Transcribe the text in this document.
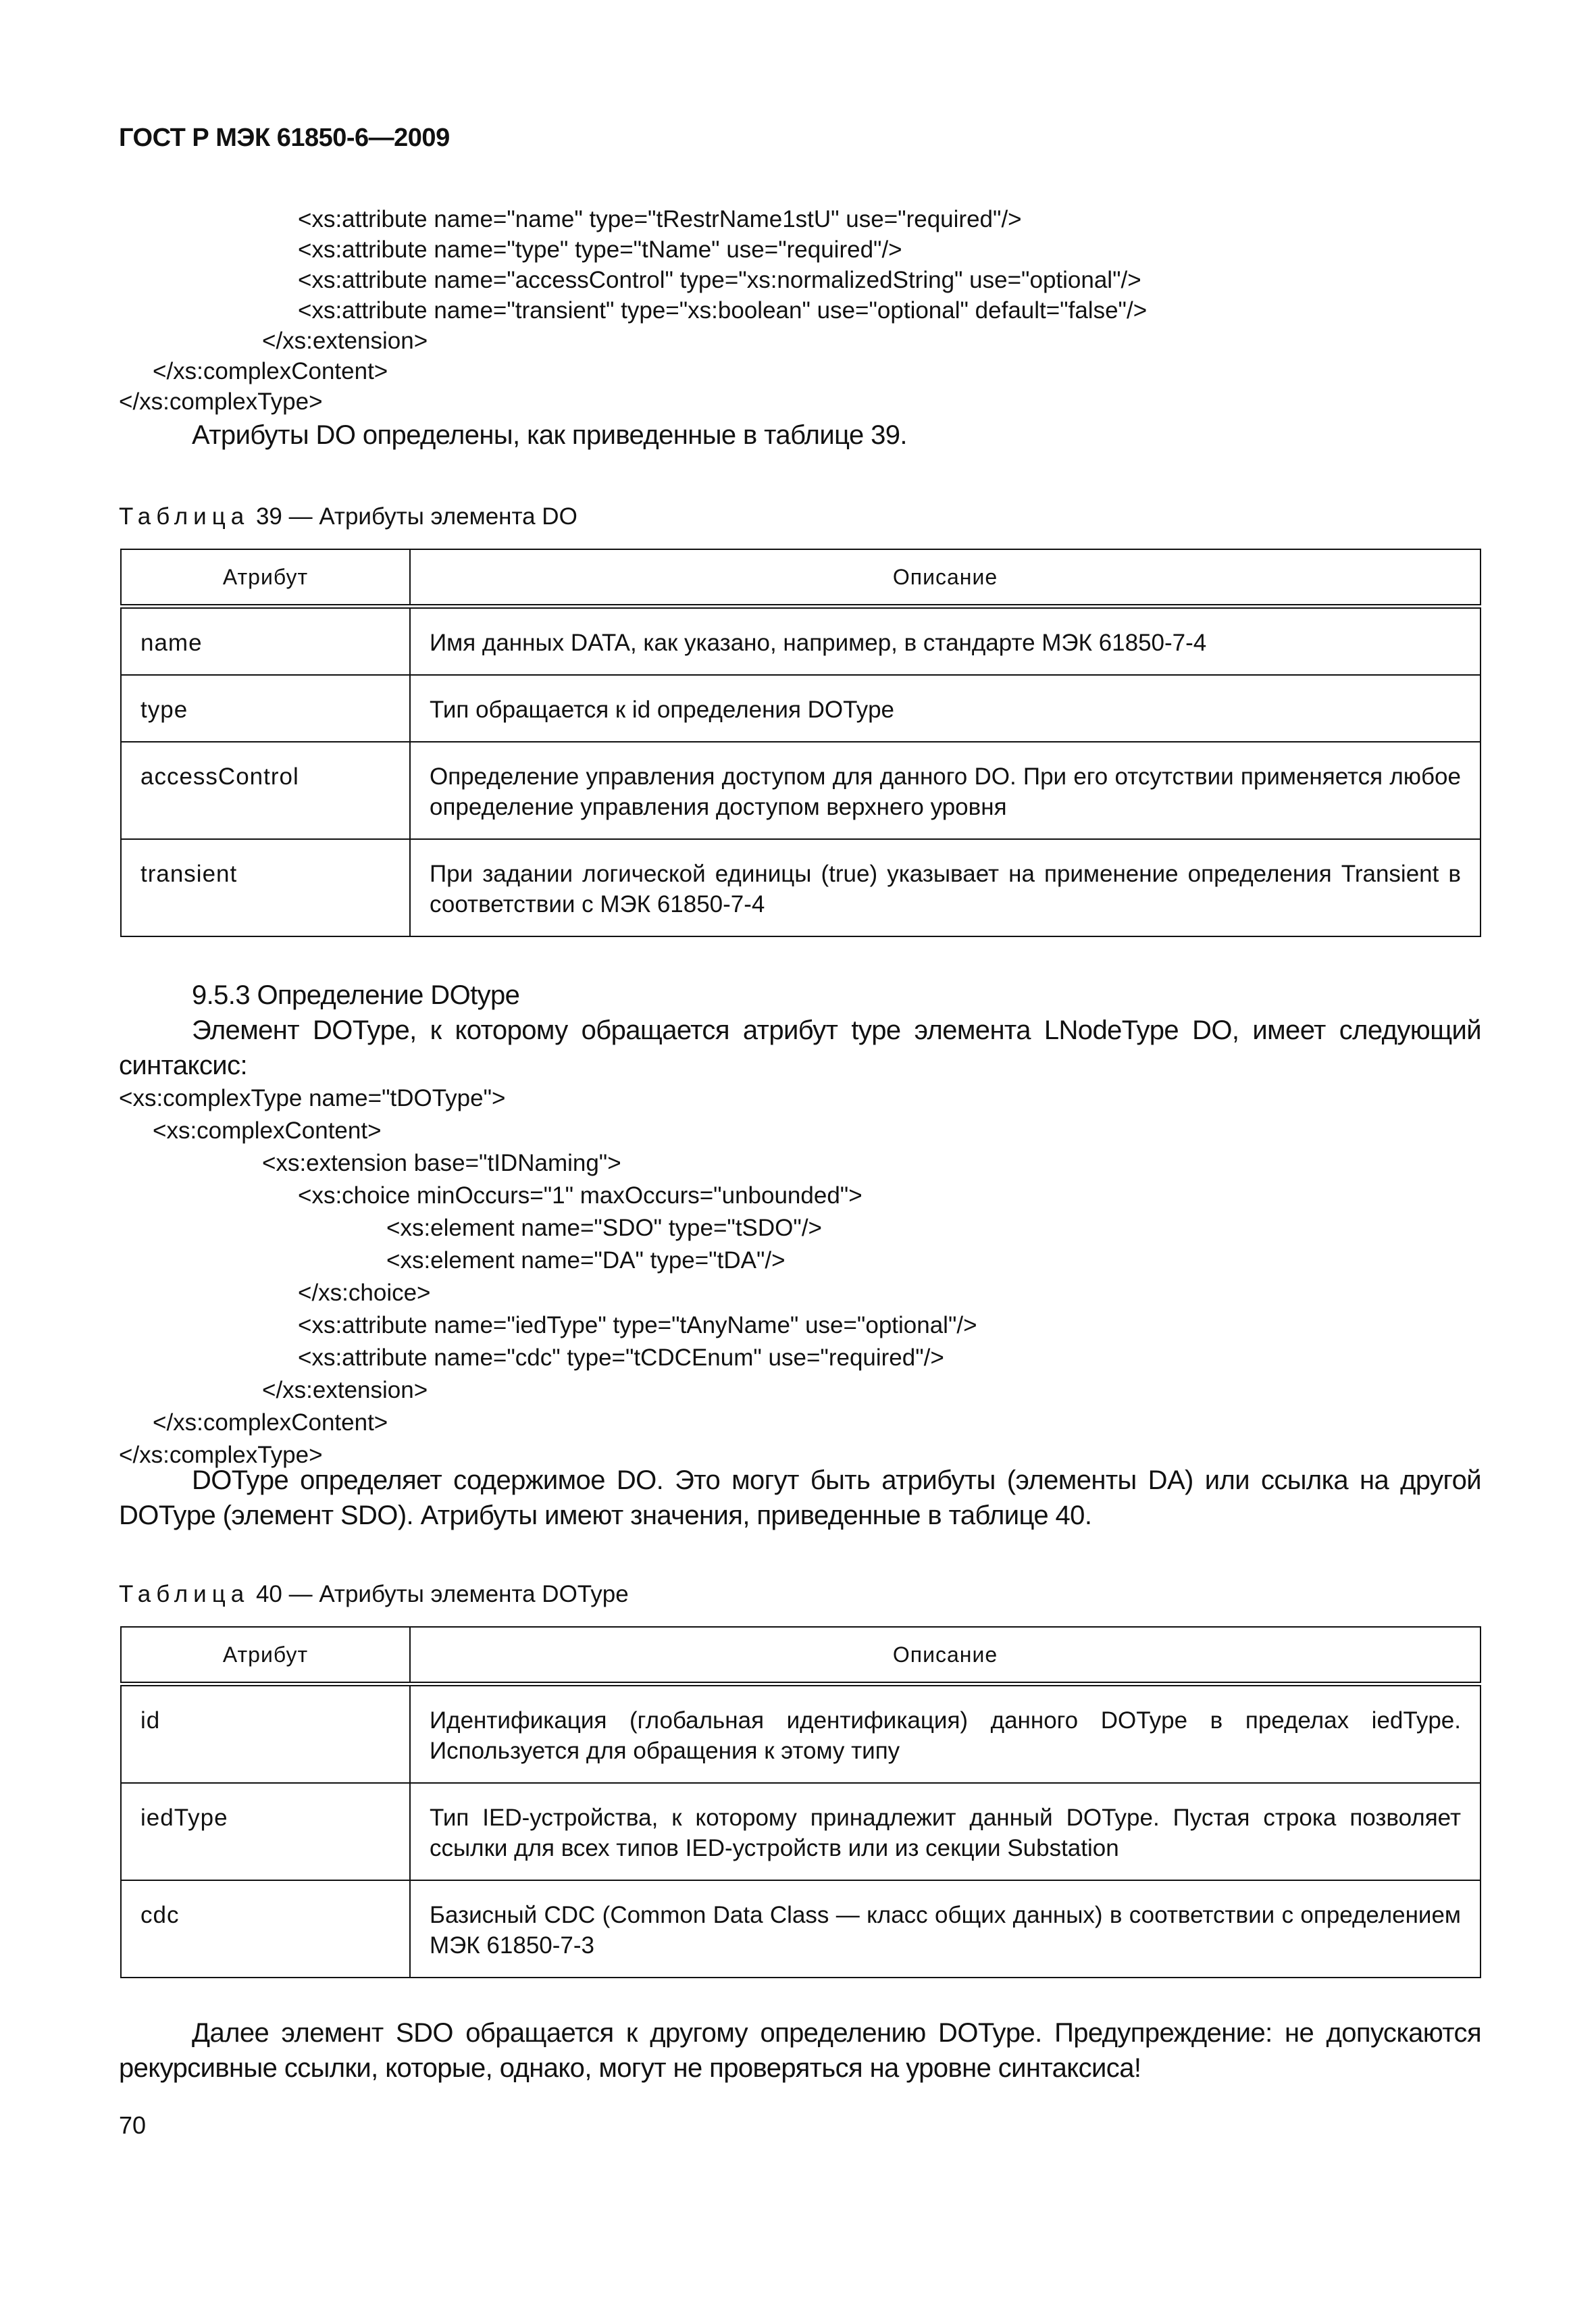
ГОСТ Р МЭК 61850-6—2009
<xs:attribute name="name" type="tRestrName1stU" use="required"/>
<xs:attribute name="type" type="tName" use="required"/>
<xs:attribute name="accessControl" type="xs:normalizedString" use="optional"/>
<xs:attribute name="transient" type="xs:boolean" use="optional" default="false"/>
</xs:extension>
</xs:complexContent>
</xs:complexType>
Атрибуты DO определены, как приведенные в таблице 39.
Таблица 39 — Атрибуты элемента DO
Атрибут	Описание
name	Имя данных DATA, как указано, например, в стандарте МЭК 61850-7-4
type	Тип обращается к id определения DOType
accessControl	Определение управления доступом для данного DO. При его отсутствии применяется любое определение управления доступом верхнего уровня
transient	При задании логической единицы (true) указывает на применение определения Transient в соответствии с МЭК 61850-7-4
9.5.3 Определение DOtype
Элемент DOType, к которому обращается атрибут type элемента LNodeType DO, имеет следующий синтаксис:
<xs:complexType name="tDOType">
<xs:complexContent>
<xs:extension base="tIDNaming">
<xs:choice minOccurs="1" maxOccurs="unbounded">
<xs:element name="SDO" type="tSDO"/>
<xs:element name="DA" type="tDA"/>
</xs:choice>
<xs:attribute name="iedType" type="tAnyName" use="optional"/>
<xs:attribute name="cdc" type="tCDCEnum" use="required"/>
</xs:extension>
</xs:complexContent>
</xs:complexType>
DOType определяет содержимое DO. Это могут быть атрибуты (элементы DA) или ссылка на другой DOType (элемент SDO). Атрибуты имеют значения, приведенные в таблице 40.
Таблица 40 — Атрибуты элемента DOType
Атрибут	Описание
id	Идентификация (глобальная идентификация) данного DOType в пределах iedType. Используется для обращения к этому типу
iedType	Тип IED-устройства, к которому принадлежит данный DOType. Пустая строка позволяет ссылки для всех типов IED-устройств или из секции Substation
cdc	Базисный CDC (Common Data Class — класс общих данных) в соответствии с определением МЭК 61850-7-3
Далее элемент SDO обращается к другому определению DOType. Предупреждение: не допускаются рекурсивные ссылки, которые, однако, могут не проверяться на уровне синтаксиса!
70
